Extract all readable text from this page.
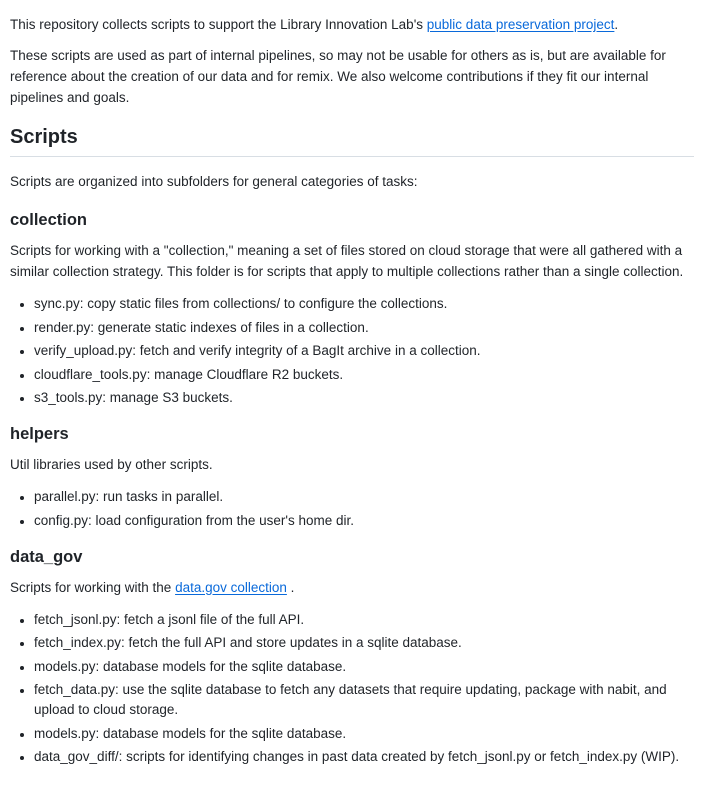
This repository collects scripts to support the Library Innovation Lab's public data preservation project.

These scripts are used as part of internal pipelines, so may not be usable for others as is, but are available for reference about the creation of our data and for remix. We also welcome contributions if they fit our internal pipelines and goals.

Scripts

Scripts are organized into subfolders for general categories of tasks:

collection

Scripts for working with a "collection," meaning a set of files stored on cloud storage that were all gathered with a similar collection strategy. This folder is for scripts that apply to multiple collections rather than a single collection.

• sync.py: copy static files from collections/ to configure the collections.
• render.py: generate static indexes of files in a collection.
• verify_upload.py: fetch and verify integrity of a BagIt archive in a collection.
• cloudflare_tools.py: manage Cloudflare R2 buckets.
• s3_tools.py: manage S3 buckets.
helpers

Util libraries used by other scripts.

• parallel.py: run tasks in parallel.
• config.py: load configuration from the user's home dir.
data_gov

Scripts for working with the data.gov collection .

• fetch_jsonl.py: fetch a jsonl file of the full API.
• fetch_index.py: fetch the full API and store updates in a sqlite database.
• models.py: database models for the sqlite database.
• fetch_data.py: use the sqlite database to fetch any datasets that require updating, package with nabit, and upload to cloud storage.
• models.py: database models for the sqlite database.
• data_gov_diff/: scripts for identifying changes in past data created by fetch_jsonl.py or fetch_index.py (WIP).
